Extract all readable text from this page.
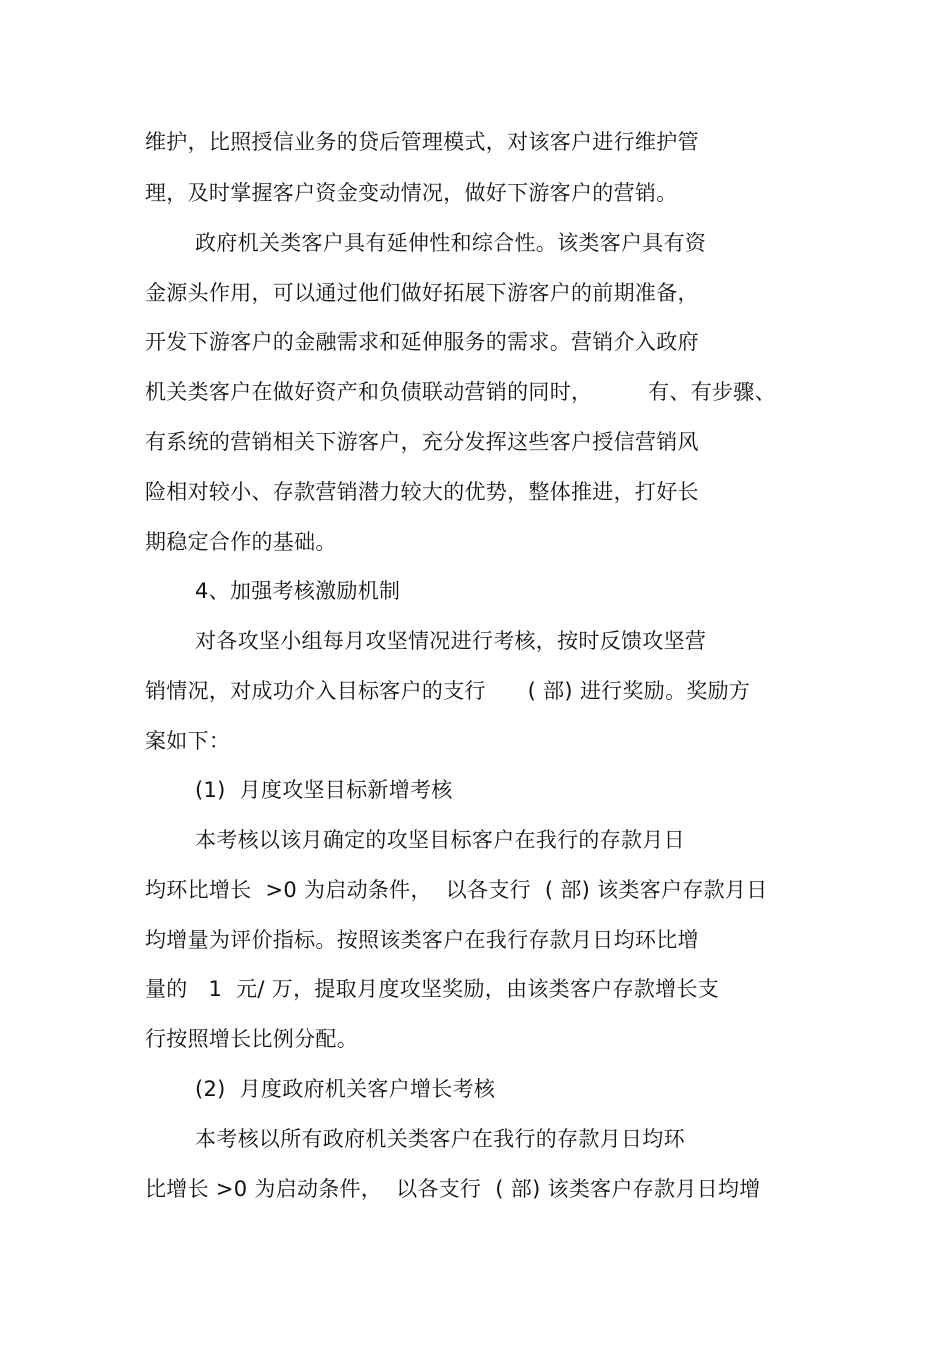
维护，比照授信业务的贷后管理模式，对该客户进行维护管
理，及时掌握客户资金变动情况，做好下游客户的营销。
政府机关类客户具有延伸性和综合性。该类客户具有资
金源头作用，可以通过他们做好拓展下游客户的前期准备，
开发下游客户的金融需求和延伸服务的需求。营销介入政府
机关类客户在做好资产和负债联动营销的同时，        有、有步骤、
有系统的营销相关下游客户，充分发挥这些客户授信营销风
险相对较小、存款营销潜力较大的优势，整体推进，打好长
期稳定合作的基础。
4、加强考核激励机制
对各攻坚小组每月攻坚情况进行考核，按时反馈攻坚营
销情况，对成功介入目标客户的支行      ( 部) 进行奖励。奖励方
案如下：
(1)  月度攻坚目标新增考核
本考核以该月确定的攻坚目标客户在我行的存款月日
均环比增长  >0 为启动条件，  以各支行  ( 部) 该类客户存款月日
均增量为评价指标。按照该类客户在我行存款月日均环比增
量的   1  元/ 万，提取月度攻坚奖励，由该类客户存款增长支
行按照增长比例分配。
(2)  月度政府机关客户增长考核
本考核以所有政府机关类客户在我行的存款月日均环
比增长 >0 为启动条件，  以各支行  ( 部) 该类客户存款月日均增
